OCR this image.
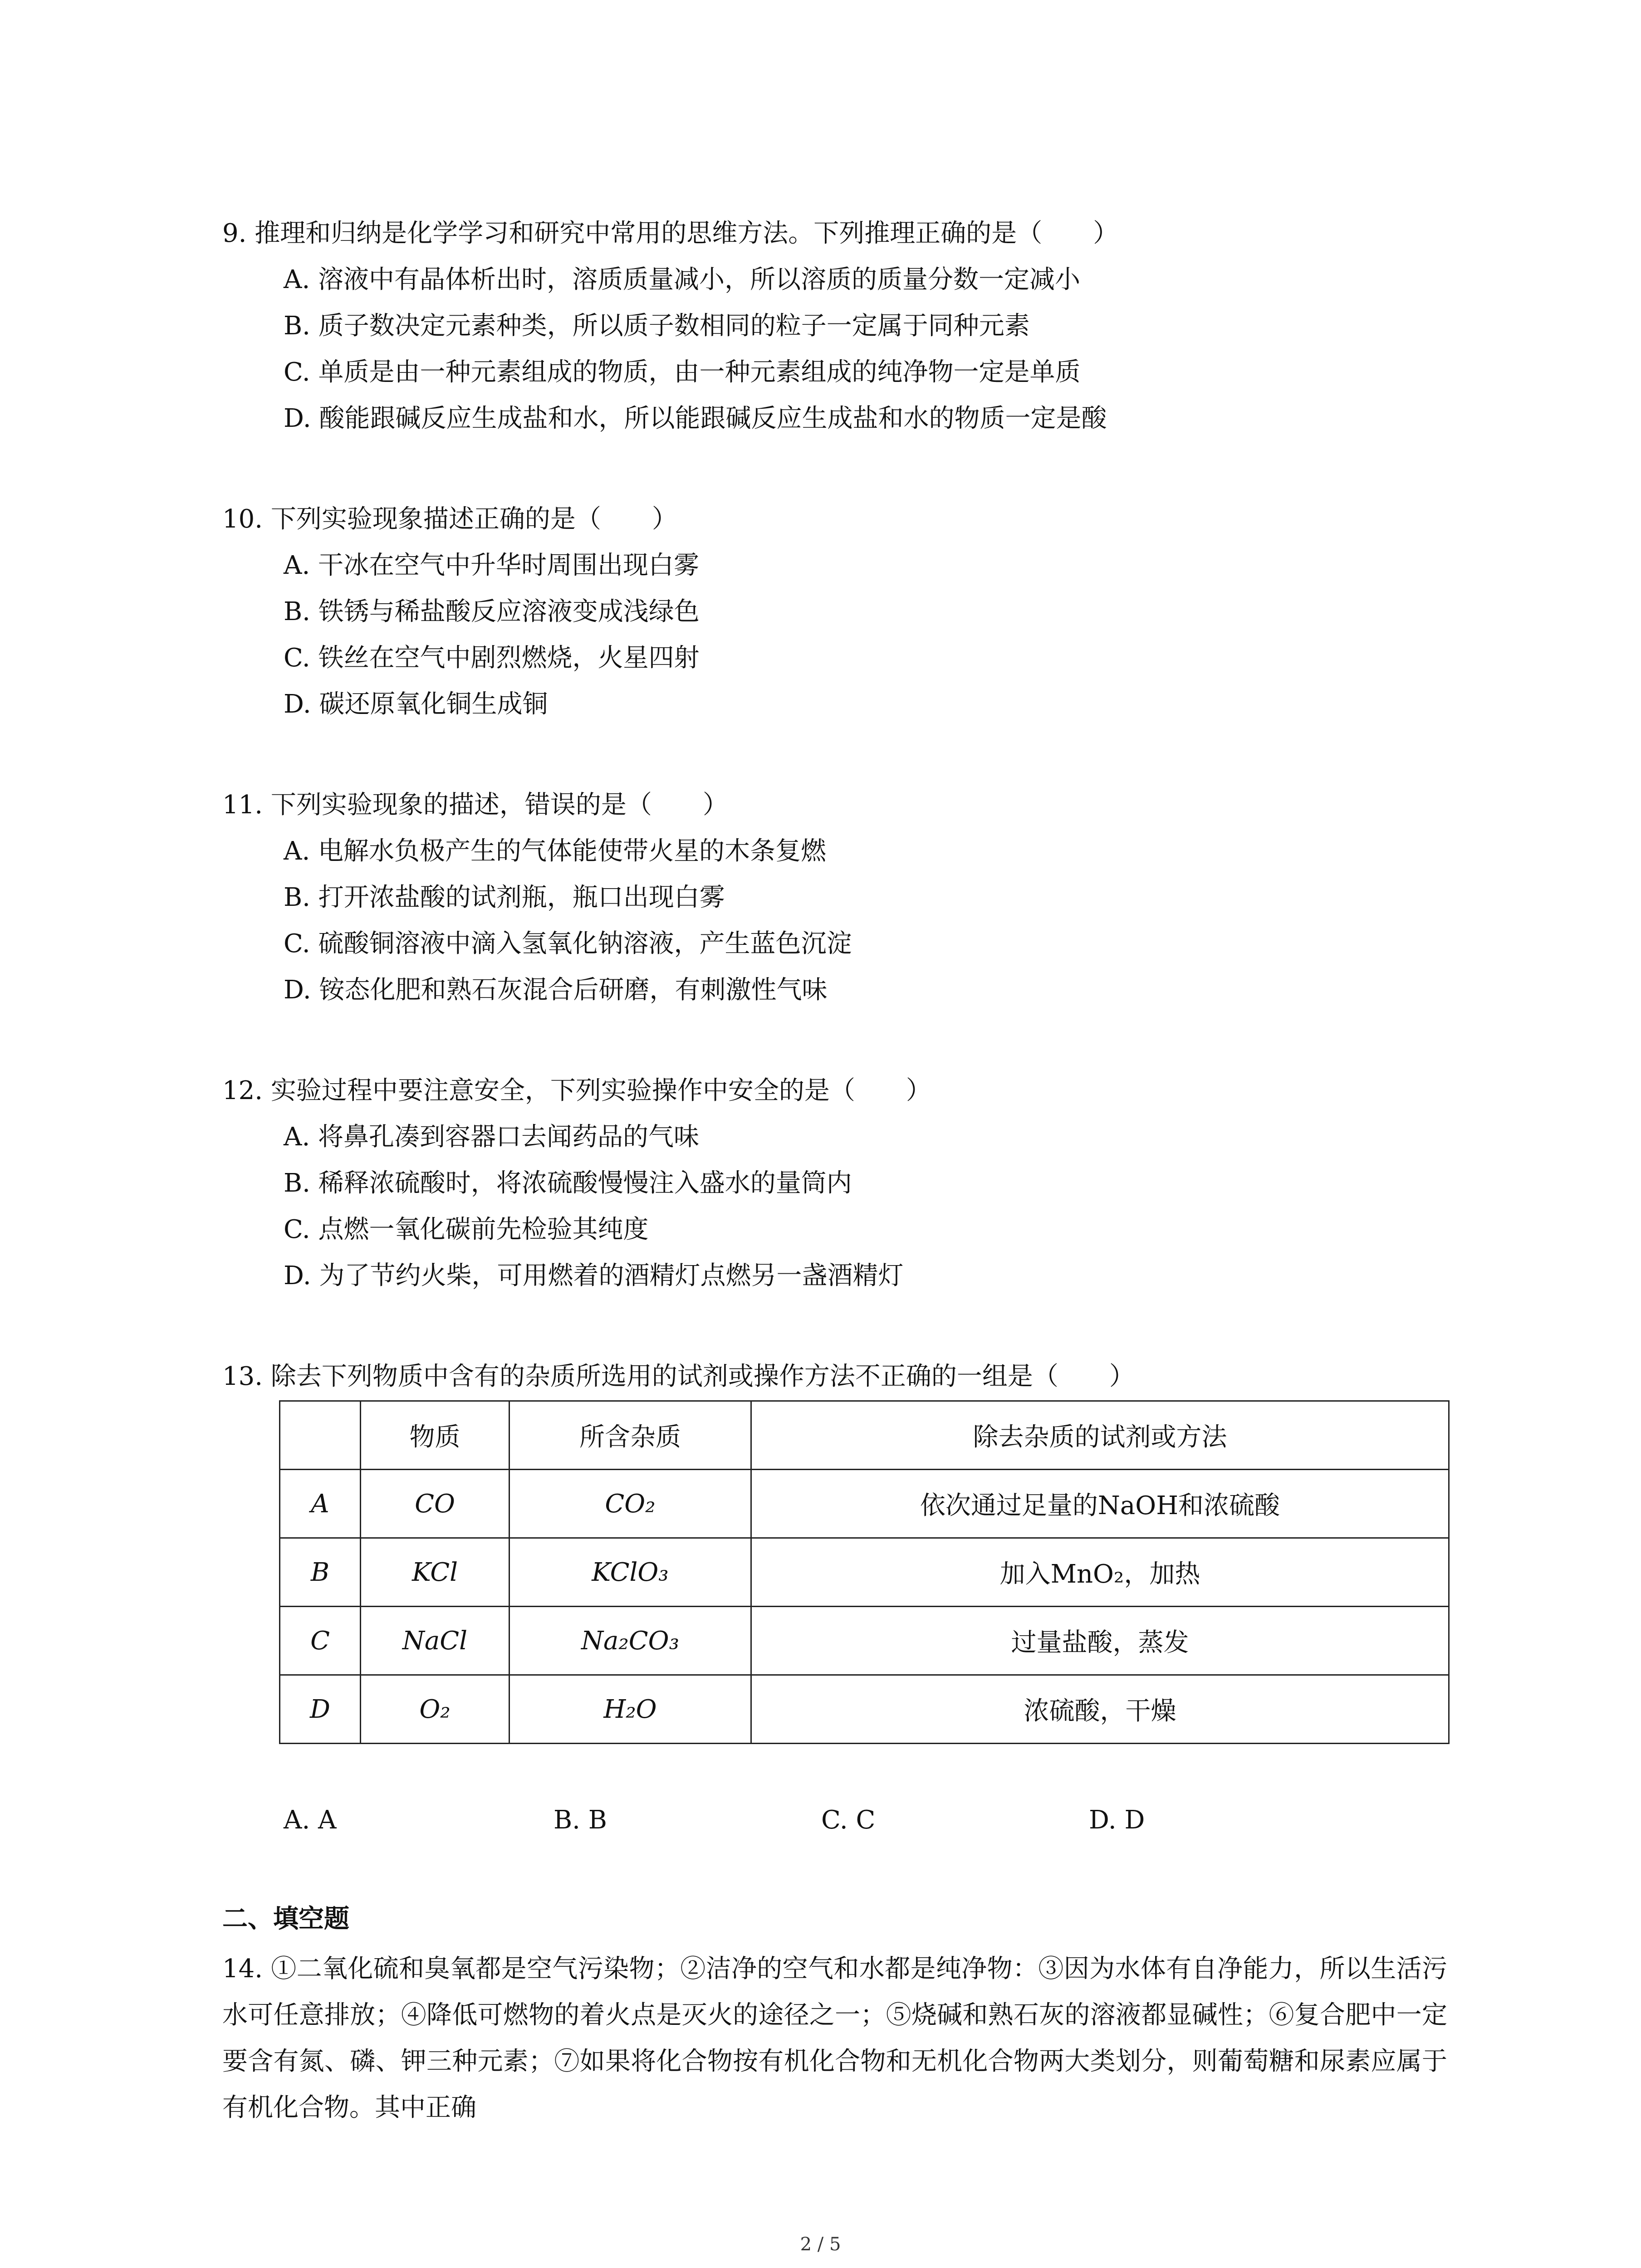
9. 推理和归纳是化学学习和研究中常用的思维方法。下列推理正确的是（　　）
A. 溶液中有晶体析出时，溶质质量减小，所以溶质的质量分数一定减小
B. 质子数决定元素种类，所以质子数相同的粒子一定属于同种元素
C. 单质是由一种元素组成的物质，由一种元素组成的纯净物一定是单质
D. 酸能跟碱反应生成盐和水，所以能跟碱反应生成盐和水的物质一定是酸
10. 下列实验现象描述正确的是（　　）
A. 干冰在空气中升华时周围出现白雾
B. 铁锈与稀盐酸反应溶液变成浅绿色
C. 铁丝在空气中剧烈燃烧，火星四射
D. 碳还原氧化铜生成铜
11. 下列实验现象的描述，错误的是（　　）
A. 电解水负极产生的气体能使带火星的木条复燃
B. 打开浓盐酸的试剂瓶，瓶口出现白雾
C. 硫酸铜溶液中滴入氢氧化钠溶液，产生蓝色沉淀
D. 铵态化肥和熟石灰混合后研磨，有刺激性气味
12. 实验过程中要注意安全，下列实验操作中安全的是（　　）
A. 将鼻孔凑到容器口去闻药品的气味
B. 稀释浓硫酸时，将浓硫酸慢慢注入盛水的量筒内
C. 点燃一氧化碳前先检验其纯度
D. 为了节约火柴，可用燃着的酒精灯点燃另一盏酒精灯
13. 除去下列物质中含有的杂质所选用的试剂或操作方法不正确的一组是（　　）
	物质	所含杂质	除去杂质的试剂或方法
A	CO	CO₂	依次通过足量的NaOH和浓硫酸
B	KCl	KClO₃	加入MnO₂，加热
C	NaCl	Na₂CO₃	过量盐酸，蒸发
D	O₂	H₂O	浓硫酸，干燥
A. A	B. B	C. C	D. D
二、填空题
14. ①二氧化硫和臭氧都是空气污染物；②洁净的空气和水都是纯净物：③因为水体有自净能力，所以生活污水可任意排放；④降低可燃物的着火点是灭火的途径之一；⑤烧碱和熟石灰的溶液都显碱性；⑥复合肥中一定要含有氮、磷、钾三种元素；⑦如果将化合物按有机化合物和无机化合物两大类划分，则葡萄糖和尿素应属于有机化合物。其中正确
2 / 5
